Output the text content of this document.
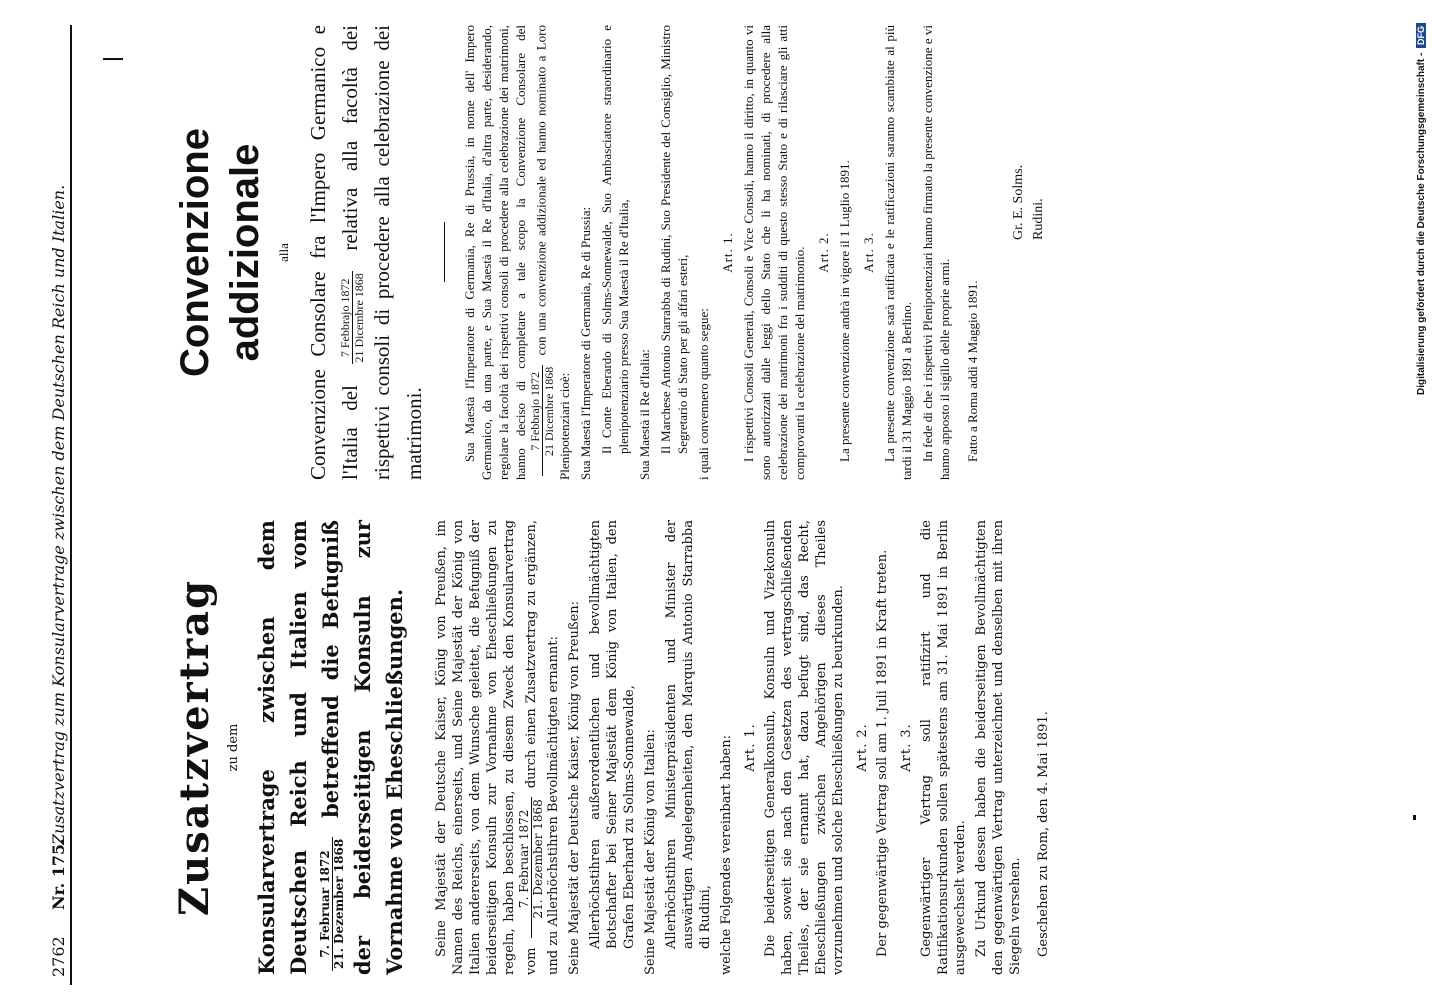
2762
Nr. 175.
Zusatzvertrag zum Konsularvertrage zwischen dem Deutschen Reich und Italien.	Zusatzvertrag zu dem Konsularvertrage zwischen dem Deutschen Reich und Italien vom 7. Februar 1872 21. Dezember 1868
betreffend die Befugniß der beiderseitigen Konsuln zur Vornahme von Eheschließungen.	Seine Majestät der Deutsche Kaiser, König von Preußen, im Namen des Reichs, einerseits, und Seine Majestät der König von Italien andererseits, von dem Wunsche geleitet, die Befugniß der beiderseitigen Konsuln zur Vornahme von Eheschließungen zu regeln, haben beschlossen, zu diesem Zweck den Konsularvertrag vom
7. Februar 1872 21. Dezember 1868
durch einen Zusatzvertrag zu ergänzen, und zu Allerhöchstihren Bevollmächtigten ernannt: Seine Majestät der Deutsche Kaiser, König von Preußen: Allerhöchstihren außerordentlichen und bevollmächtigten Botschafter bei Seiner Majestät dem König von Italien, den Grafen Eberhard zu Solms-Sonnewalde, Seine Majestät der König von Italien: Allerhöchstihren Ministerpräsidenten und Minister der auswärtigen Angelegenheiten, den Marquis Antonio Starrabba di Rudini, welche Folgendes vereinbart haben: Art. 1. Die beiderseitigen Generalkonsuln, Konsuln und Vizekonsuln haben, soweit sie nach den Gesetzen des vertragschließenden Theiles, der sie ernannt hat, dazu befugt sind, das Recht, Eheschließungen zwischen Angehörigen dieses Theiles vorzunehmen und solche Eheschließungen zu beurkunden. Art. 2. Der gegenwärtige Vertrag soll am 1. Juli 1891 in Kraft treten. Art. 3. Gegenwärtiger Vertrag soll ratifizirt und die Ratifikationsurkunden sollen spätestens am 31. Mai 1891 in Berlin ausgewechselt werden. Zu Urkund dessen haben die beiderseitigen Bevollmächtigten den gegenwärtigen Vertrag unterzeichnet und denselben mit ihren Siegeln versehen. Geschehen zu Rom, den 4. Mai 1891.

Convenzione addizionale alla Convenzione Consolare fra l'Impero Germanico e l'Italia del
7 Febbrajo 1872 21 Dicembre 1868
relativa alla facoltà dei rispettivi consoli di procedere alla celebrazione dei matrimoni.	Sua Maestà l'Imperatore di Germania, Re di Prussia, in nome dell' Impero Germanico, da una parte, e Sua Maestà il Re d'Italia, d'altra parte, desiderando, regolare la facoltà dei rispettivi consoli di procedere alla celebrazione dei matrimoni, hanno deciso di completare a tale scopo la Convenzione Consolare del 7 Febbrajo 1872 21 Dicembre 1868
con una convenzione addizionale ed hanno nominato a Loro Plenipotenziari cioè: Sua Maestà l'Imperatore di Germania, Re di Prussia: Il Conte Eberardo di Solms-Sonnewalde, Suo Ambasciatore straordinario e plenipotenziario presso Sua Maestà il Re d'Italia, Sua Maestà il Re d'Italia: Il Marchese Antonio Starrabba di Rudini, Suo Presidente del Consiglio, Ministro Segretario di Stato per gli affari esteri, i quali convennero quanto segue:

Art. 1. I rispettivi Consoli Generali, Consoli e Vice Consoli, hanno il diritto, in quanto vi sono autorizzati dalle leggi dello Stato che li ha nominati, di procedere alla celebrazione dei matrimoni fra i sudditi di questo stesso Stato e di rilasciare gli atti comprovanti la celebrazione del matrimonio. Art. 2. La presente convenzione andrà in vigore il 1 Luglio 1891. Art. 3. La presente convenzione sarà ratificata e le ratificazioni saranno scambiate al più tardi il 31 Maggio 1891 a Berlino. In fede di che i rispettivi Plenipotenziari hanno firmato la presente convenzione e vi hanno apposto il sigillo delle proprie armi. Fatto a Roma addì 4 Maggio 1891.

Gr. E. Solms. Rudini.	Digitalisierung gefördert durch die Deutsche Forschungsgemeinschaft - DFG
